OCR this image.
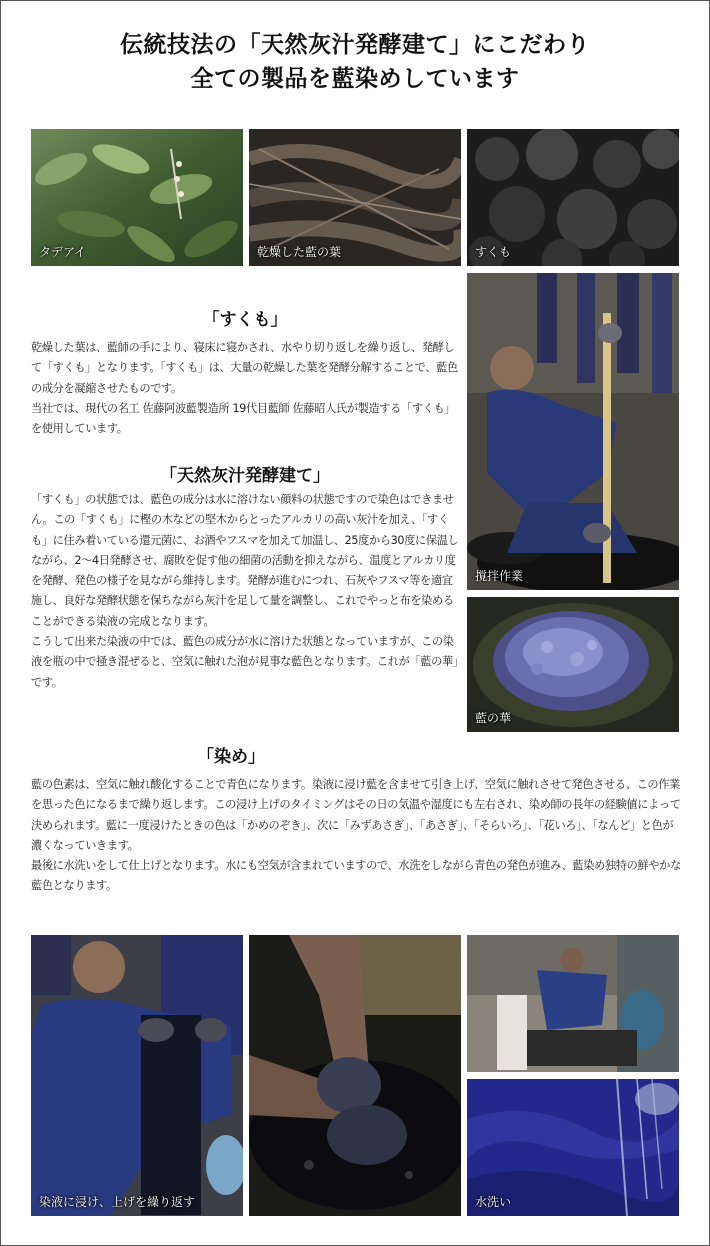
伝統技法の「天然灰汁発酵建て」にこだわり
全ての製品を藍染めしています
タデアイ	乾燥した藍の葉	すくも
撹拌作業
藍の華
「すくも」

乾燥した葉は、藍師の手により、寝床に寝かされ、水やり切り返しを繰り返し、発酵して「すくも」となります。「すくも」は、大量の乾燥した葉を発酵分解することで、藍色の成分を凝縮させたものです。

当社では、現代の名工 佐藤阿波藍製造所 19代目藍師 佐藤昭人氏が製造する「すくも」を使用しています。

「天然灰汁発酵建て」

「すくも」の状態では、藍色の成分は水に溶けない顔料の状態ですので染色はできません。この「すくも」に樫の木などの堅木からとったアルカリの高い灰汁を加え、「すくも」に住み着いている還元菌に、お酒やフスマを加えて加温し、25度から30度に保温しながら、2～4日発酵させ、腐敗を促す他の細菌の活動を抑えながら、温度とアルカリ度を発酵、発色の様子を見ながら維持します。発酵が進むにつれ、石灰やフスマ等を適宜施し、良好な発酵状態を保ちながら灰汁を足して量を調整し、これでやっと布を染めることができる染液の完成となります。

こうして出来た染液の中では、藍色の成分が水に溶けた状態となっていますが、この染液を瓶の中で掻き混ぜると、空気に触れた泡が見事な藍色となります。これが「藍の華」です。

「染め」

藍の色素は、空気に触れ酸化することで青色になります。染液に浸け藍を含ませて引き上げ、空気に触れさせて発色させる、この作業を思った色になるまで繰り返します。この浸け上げのタイミングはその日の気温や湿度にも左右され、染め師の長年の経験値によって決められます。藍に一度浸けたときの色は「かめのぞき」、次に「みずあさぎ」、「あさぎ」、「そらいろ」、「花いろ」、「なんど」と色が濃くなっていきます。

最後に水洗いをして仕上げとなります。水にも空気が含まれていますので、水洗をしながら青色の発色が進み、藍染め独特の鮮やかな藍色となります。

染液に浸け、上げを繰り返す	水洗い
